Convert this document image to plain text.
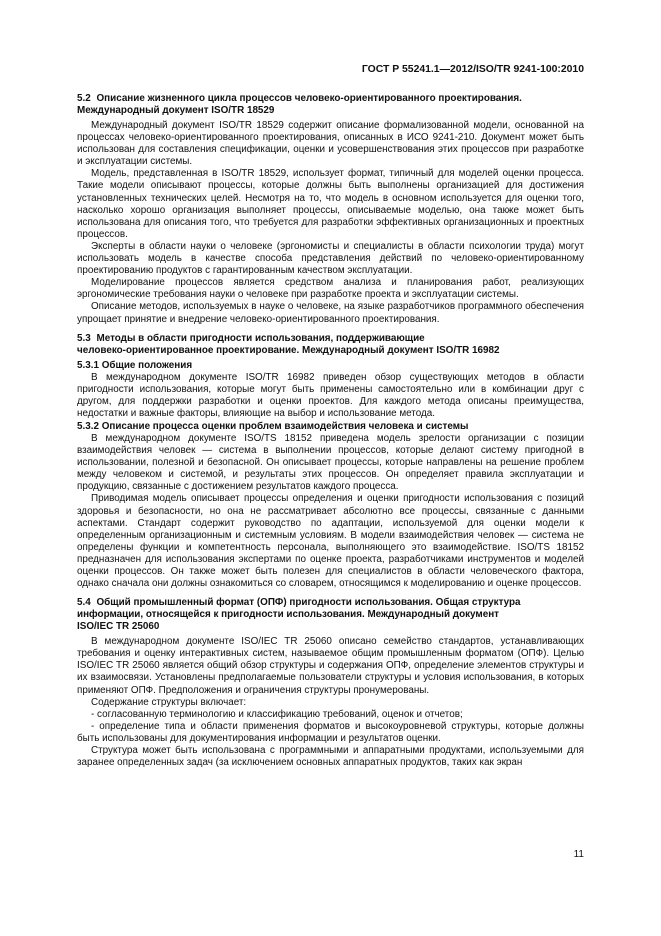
ГОСТ Р 55241.1—2012/ISO/TR 9241-100:2010
5.2 Описание жизненного цикла процессов человеко-ориентированного проектирования.
Международный документ ISO/TR 18529

Международный документ ISO/TR 18529 содержит описание формализованной модели, основанной на процессах человеко-ориентированного проектирования, описанных в ИСО 9241-210. Документ может быть использован для составления спецификации, оценки и усовершенствования этих процессов при разработке и эксплуатации системы.

Модель, представленная в ISO/TR 18529, использует формат, типичный для моделей оценки процесса. Такие модели описывают процессы, которые должны быть выполнены организацией для достижения установленных технических целей. Несмотря на то, что модель в основном используется для оценки того, насколько хорошо организация выполняет процессы, описываемые моделью, она также может быть использована для описания того, что требуется для разработки эффективных организационных и проектных процессов.

Эксперты в области науки о человеке (эргономисты и специалисты в области психологии труда) могут использовать модель в качестве способа представления действий по человеко-ориентированному проектированию продуктов с гарантированным качеством эксплуатации.

Моделирование процессов является средством анализа и планирования работ, реализующих эргономические требования науки о человеке при разработке проекта и эксплуатации системы.

Описание методов, используемых в науке о человеке, на языке разработчиков программного обеспечения упрощает принятие и внедрение человеко-ориентированного проектирования.

5.3 Методы в области пригодности использования, поддерживающие
человеко-ориентированное проектирование. Международный документ ISO/TR 16982
5.3.1 Общие положения

В международном документе ISO/TR 16982 приведен обзор существующих методов в области пригодности использования, которые могут быть применены самостоятельно или в комбинации друг с другом, для поддержки разработки и оценки проектов. Для каждого метода описаны преимущества, недостатки и важные факторы, влияющие на выбор и использование метода.

5.3.2 Описание процесса оценки проблем взаимодействия человека и системы

В международном документе ISO/TS 18152 приведена модель зрелости организации с позиции взаимодействия человек — система в выполнении процессов, которые делают систему пригодной в использовании, полезной и безопасной. Он описывает процессы, которые направлены на решение проблем между человеком и системой, и результаты этих процессов. Он определяет правила эксплуатации и продукцию, связанные с достижением результатов каждого процесса.

Приводимая модель описывает процессы определения и оценки пригодности использования с позиций здоровья и безопасности, но она не рассматривает абсолютно все процессы, связанные с данными аспектами. Стандарт содержит руководство по адаптации, используемой для оценки модели к определенным организационным и системным условиям. В модели взаимодействия человек — система не определены функции и компетентность персонала, выполняющего это взаимодействие. ISO/TS 18152 предназначен для использования экспертами по оценке проекта, разработчиками инструментов и моделей оценки процессов. Он также может быть полезен для специалистов в области человеческого фактора, однако сначала они должны ознакомиться со словарем, относящимся к моделированию и оценке процессов.

5.4 Общий промышленный формат (ОПФ) пригодности использования. Общая структура
информации, относящейся к пригодности использования. Международный документ
ISO/IEC TR 25060

В международном документе ISO/IEC TR 25060 описано семейство стандартов, устанавливающих требования и оценку интерактивных систем, называемое общим промышленным форматом (ОПФ). Целью ISO/IEC TR 25060 является общий обзор структуры и содержания ОПФ, определение элементов структуры и их взаимосвязи. Установлены предполагаемые пользователи структуры и условия использования, в которых применяют ОПФ. Предположения и ограничения структуры пронумерованы.

Содержание структуры включает:

- согласованную терминологию и классификацию требований, оценок и отчетов;

- определение типа и области применения форматов и высокоуровневой структуры, которые должны быть использованы для документирования информации и результатов оценки.

Структура может быть использована с программными и аппаратными продуктами, используемыми для заранее определенных задач (за исключением основных аппаратных продуктов, таких как экран

11
